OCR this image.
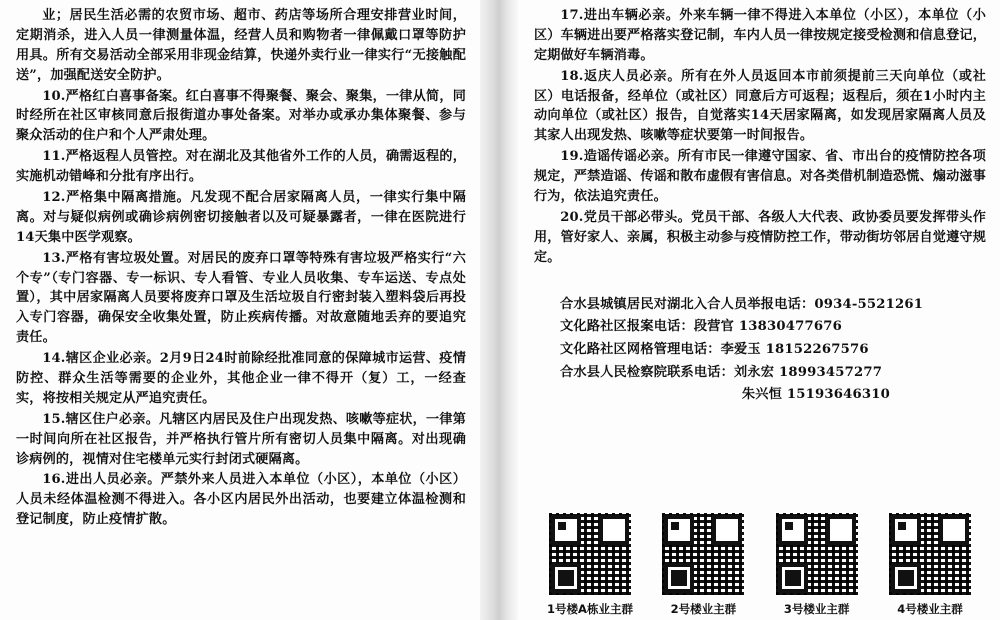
业；居民生活必需的农贸市场、超市、药店等场所合理安排营业时间，定期消杀，进入人员一律测量体温，经营人员和购物者一律佩戴口罩等防护用具。所有交易活动全部采用非现金结算，快递外卖行业一律实行“无接触配送”，加强配送安全防护。

10.严格红白喜事备案。红白喜事不得聚餐、聚会、聚集，一律从简，同时经所在社区审核同意后报街道办事处备案。对举办或承办集体聚餐、参与聚众活动的住户和个人严肃处理。

11.严格返程人员管控。对在湖北及其他省外工作的人员，确需返程的，实施机动错峰和分批有序出行。

12.严格集中隔离措施。凡发现不配合居家隔离人员，一律实行集中隔离。对与疑似病例或确诊病例密切接触者以及可疑暴露者，一律在医院进行14天集中医学观察。

13.严格有害垃圾处置。对居民的废弃口罩等特殊有害垃圾严格实行“六个专”（专门容器、专一标识、专人看管、专业人员收集、专车运送、专点处置），其中居家隔离人员要将废弃口罩及生活垃圾自行密封装入塑料袋后再投入专门容器，确保安全收集处置，防止疾病传播。对故意随地丢弃的要追究责任。

14.辖区企业必亲。2月9日24时前除经批准同意的保障城市运营、疫情防控、群众生活等需要的企业外，其他企业一律不得开（复）工，一经查实，将按相关规定从严追究责任。

15.辖区住户必亲。凡辖区内居民及住户出现发热、咳嗽等症状，一律第一时间向所在社区报告，并严格执行管片所有密切人员集中隔离。对出现确诊病例的，视情对住宅楼单元实行封闭式硬隔离。

16.进出人员必亲。严禁外来人员进入本单位（小区），本单位（小区）人员未经体温检测不得进入。各小区内居民外出活动，也要建立体温检测和登记制度，防止疫情扩散。

17.进出车辆必亲。外来车辆一律不得进入本单位（小区），本单位（小区）车辆进出要严格落实登记制，车内人员一律按规定接受检测和信息登记，定期做好车辆消毒。

18.返庆人员必亲。所有在外人员返回本市前须提前三天向单位（或社区）电话报备，经单位（或社区）同意后方可返程；返程后，须在1小时内主动向单位（或社区）报告，自觉落实14天居家隔离，如发现居家隔离人员及其家人出现发热、咳嗽等症状要第一时间报告。

19.造谣传谣必亲。所有市民一律遵守国家、省、市出台的疫情防控各项规定，严禁造谣、传谣和散布虚假有害信息。对各类借机制造恐慌、煽动滋事行为，依法追究责任。

20.党员干部必带头。党员干部、各级人大代表、政协委员要发挥带头作用，管好家人、亲属，积极主动参与疫情防控工作，带动街坊邻居自觉遵守规定。

合水县城镇居民对湖北入合人员举报电话：0934-5521261
文化路社区报案电话：段营官 13830477676
文化路社区网格管理电话：李爱玉 18152267576
合水县人民检察院联系电话：刘永宏 18993457277
朱兴恒 15193646310
1号楼A栋业主群	2号楼业主群	3号楼业主群	4号楼业主群
